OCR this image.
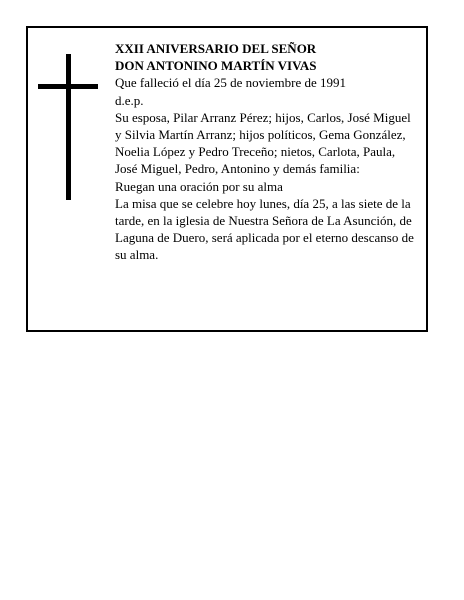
XXII ANIVERSARIO DEL SEÑOR

DON ANTONINO MARTÍN VIVAS

Que falleció el día 25 de noviembre de 1991

d.e.p.

Su esposa, Pilar Arranz Pérez; hijos, Carlos, José Miguel y Silvia Martín Arranz; hijos políticos, Gema González, Noelia López y Pedro Treceño; nietos, Carlota, Paula, José Miguel, Pedro, Antonino y demás familia:

Ruegan una oración por su alma

La misa que se celebre hoy lunes, día 25, a las siete de la tarde, en la iglesia de Nuestra Señora de La Asunción, de Laguna de Duero, será aplicada por el eterno descanso de su alma.
